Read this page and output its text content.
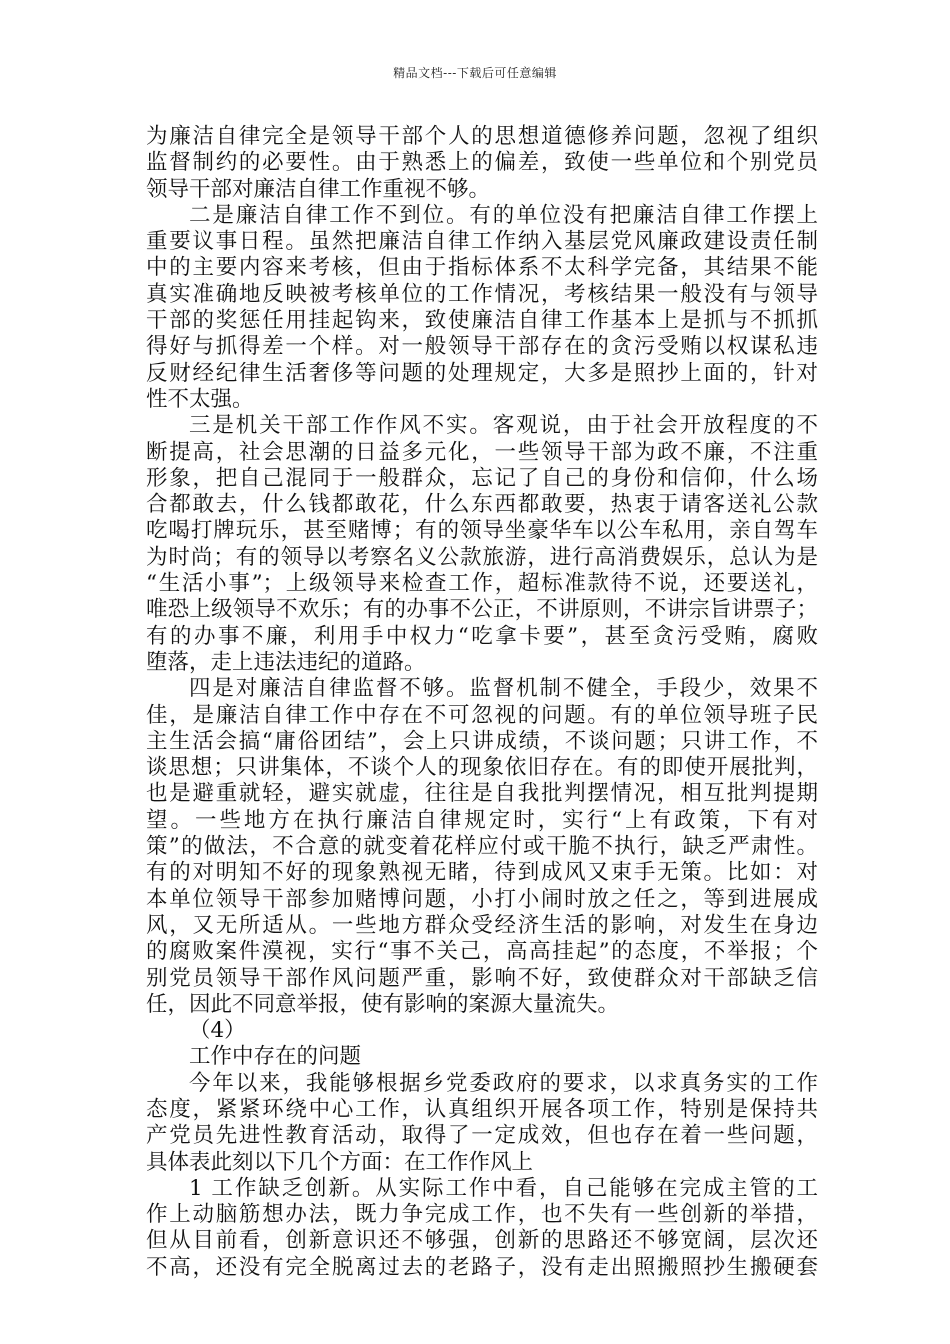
精品文档---下载后可任意编辑
为廉洁自律完全是领导干部个人的思想道德修养问题，忽视了组织
监督制约的必要性。由于熟悉上的偏差，致使一些单位和个别党员
领导干部对廉洁自律工作重视不够。
二是廉洁自律工作不到位。有的单位没有把廉洁自律工作摆上
重要议事日程。虽然把廉洁自律工作纳入基层党风廉政建设责任制
中的主要内容来考核，但由于指标体系不太科学完备，其结果不能
真实准确地反映被考核单位的工作情况，考核结果一般没有与领导
干部的奖惩任用挂起钩来，致使廉洁自律工作基本上是抓与不抓抓
得好与抓得差一个样。对一般领导干部存在的贪污受贿以权谋私违
反财经纪律生活奢侈等问题的处理规定，大多是照抄上面的，针对
性不太强。
三是机关干部工作作风不实。客观说，由于社会开放程度的不
断提高，社会思潮的日益多元化，一些领导干部为政不廉，不注重
形象，把自己混同于一般群众，忘记了自己的身份和信仰，什么场
合都敢去，什么钱都敢花，什么东西都敢要，热衷于请客送礼公款
吃喝打牌玩乐，甚至赌博；有的领导坐豪华车以公车私用，亲自驾车
为时尚；有的领导以考察名义公款旅游，进行高消费娱乐，总认为是
“生活小事”；上级领导来检查工作，超标准款待不说，还要送礼，
唯恐上级领导不欢乐；有的办事不公正，不讲原则，不讲宗旨讲票子；
有的办事不廉，利用手中权力“吃拿卡要”，甚至贪污受贿，腐败
堕落，走上违法违纪的道路。
四是对廉洁自律监督不够。监督机制不健全，手段少，效果不
佳，是廉洁自律工作中存在不可忽视的问题。有的单位领导班子民
主生活会搞“庸俗团结”，会上只讲成绩，不谈问题；只讲工作，不
谈思想；只讲集体，不谈个人的现象依旧存在。有的即使开展批判，
也是避重就轻，避实就虚，往往是自我批判摆情况，相互批判提期
望。一些地方在执行廉洁自律规定时，实行“上有政策，下有对
策”的做法，不合意的就变着花样应付或干脆不执行，缺乏严肃性。
有的对明知不好的现象熟视无睹，待到成风又束手无策。比如：对
本单位领导干部参加赌博问题，小打小闹时放之任之，等到进展成
风，又无所适从。一些地方群众受经济生活的影响，对发生在身边
的腐败案件漠视，实行“事不关己，高高挂起”的态度，不举报；个
别党员领导干部作风问题严重，影响不好，致使群众对干部缺乏信
任，因此不同意举报，使有影响的案源大量流失。
（4）
工作中存在的问题
今年以来，我能够根据乡党委政府的要求，以求真务实的工作
态度，紧紧环绕中心工作，认真组织开展各项工作，特别是保持共
产党员先进性教育活动，取得了一定成效，但也存在着一些问题，
具体表此刻以下几个方面：在工作作风上
1 工作缺乏创新。从实际工作中看，自己能够在完成主管的工
作上动脑筋想办法，既力争完成工作，也不失有一些创新的举措，
但从目前看，创新意识还不够强，创新的思路还不够宽阔，层次还
不高，还没有完全脱离过去的老路子，没有走出照搬照抄生搬硬套
